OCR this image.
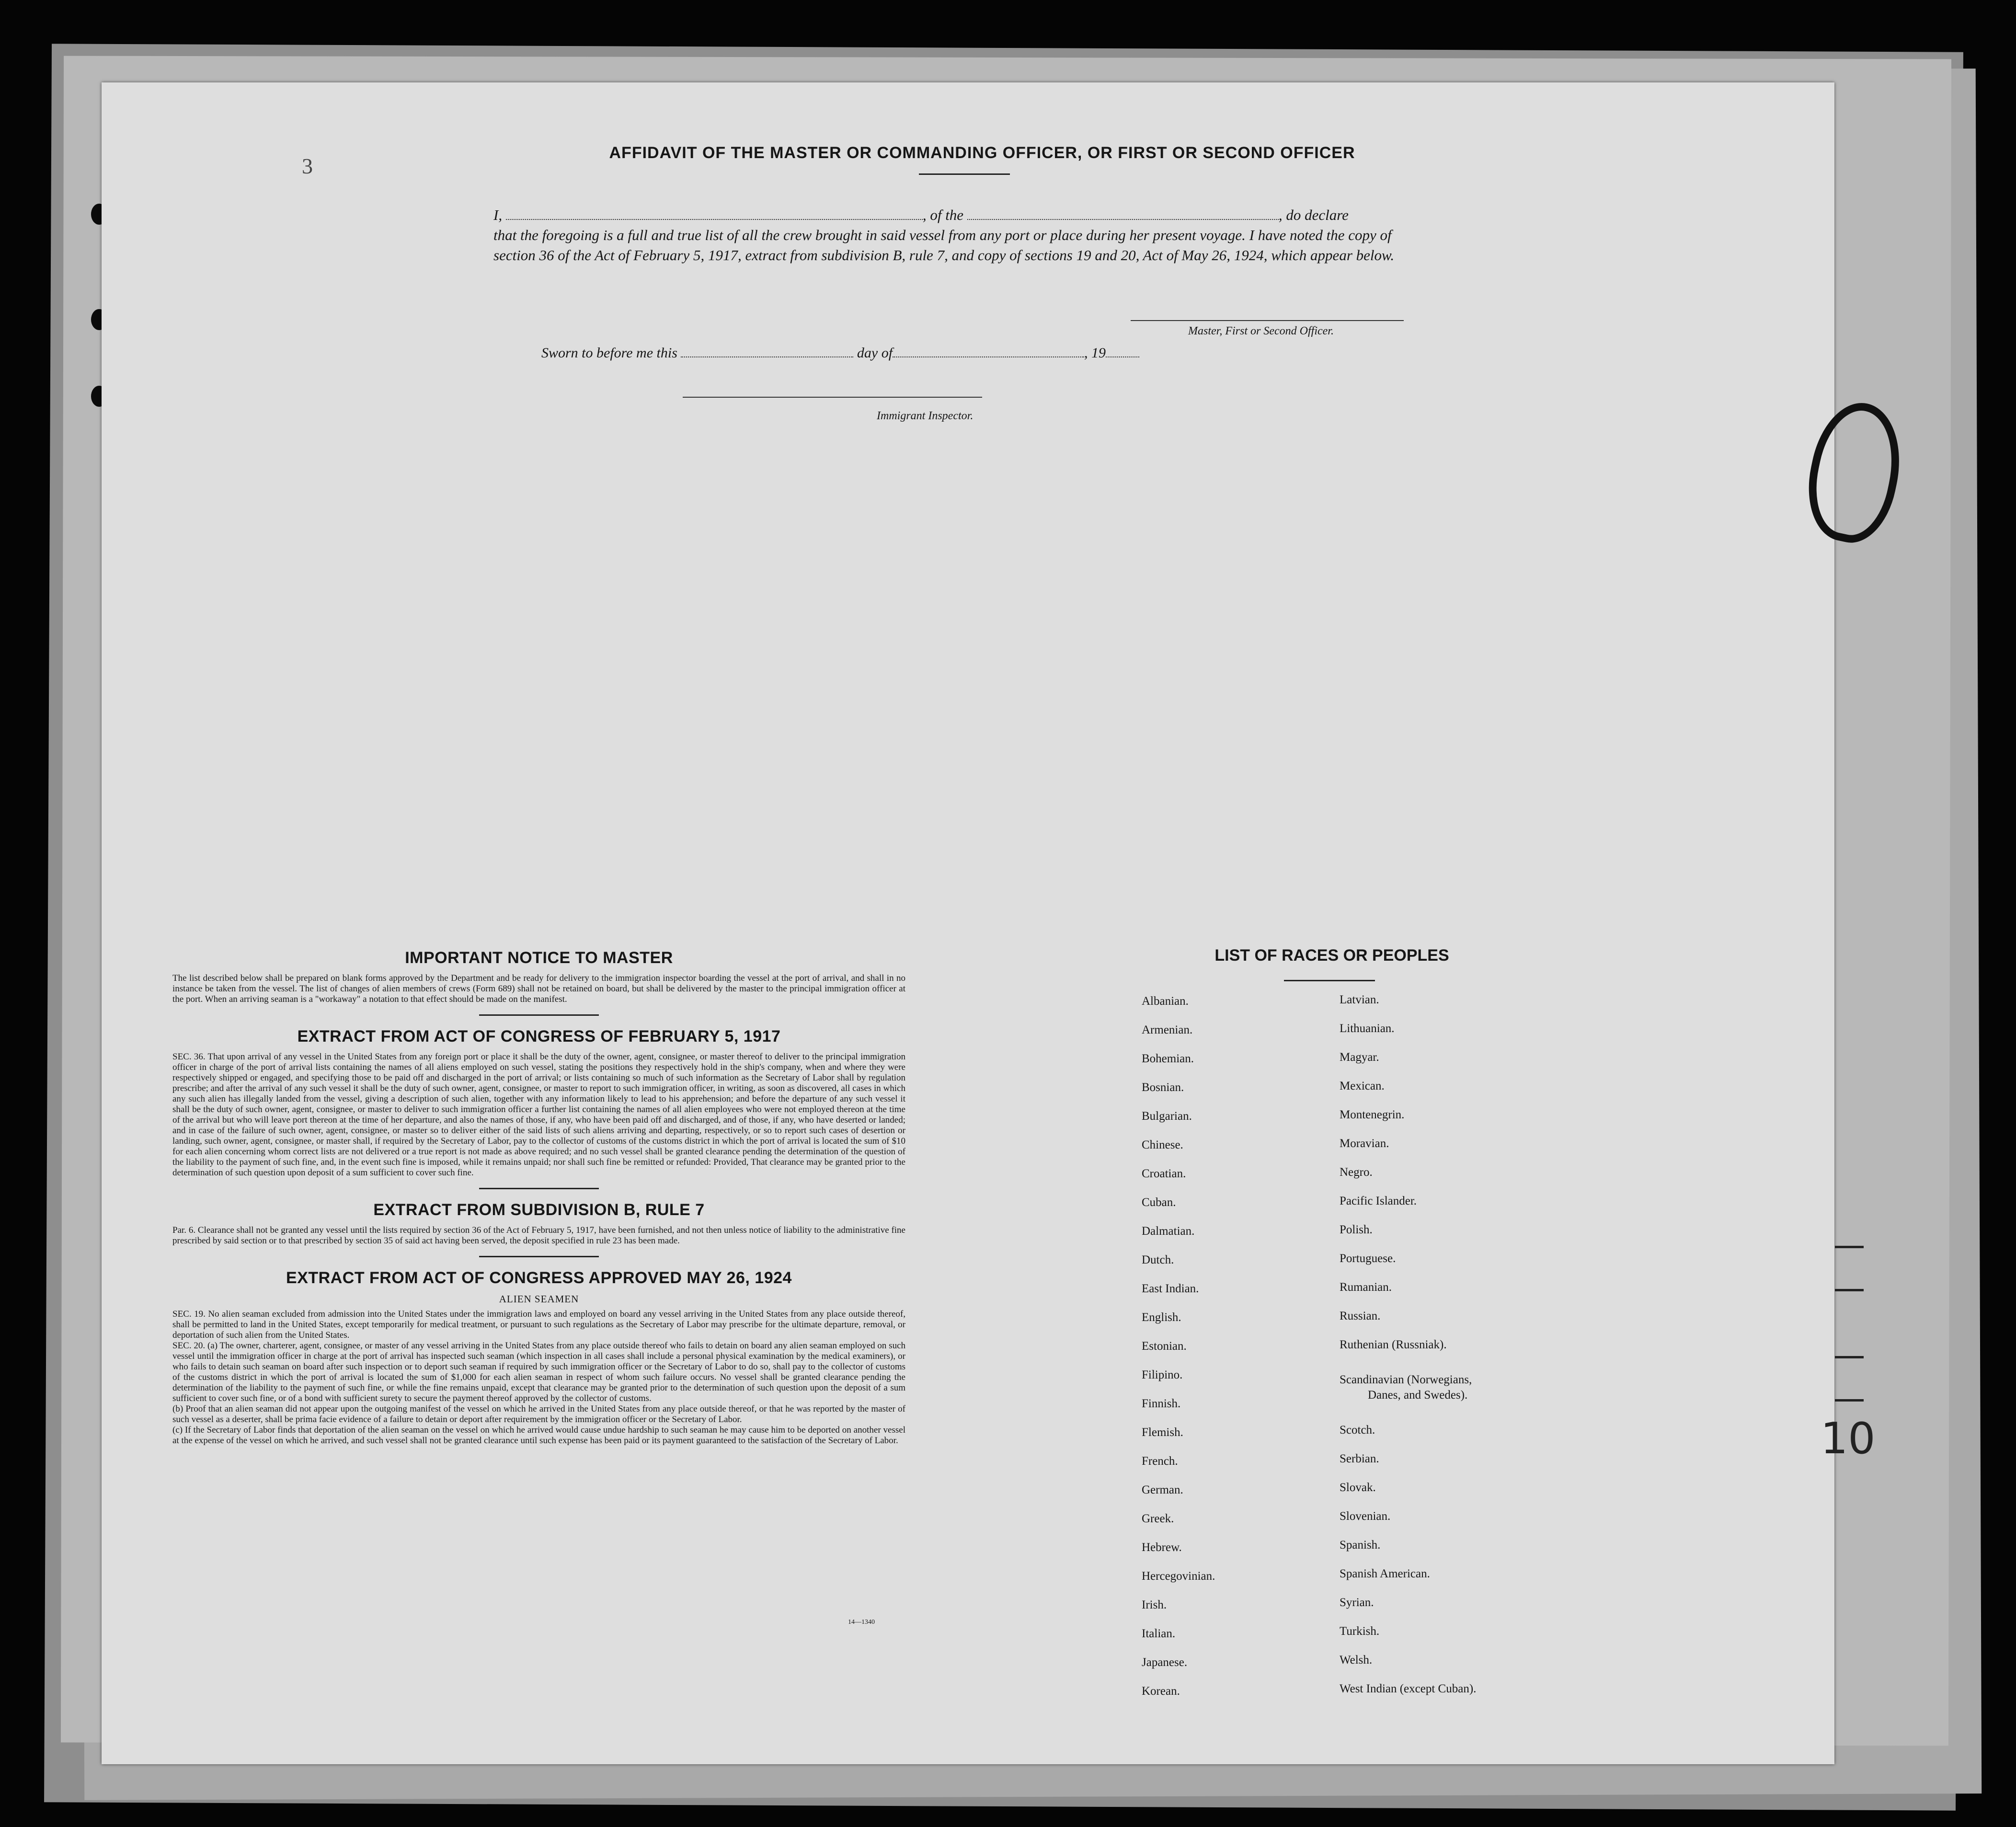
3
10
AFFIDAVIT OF THE MASTER OR COMMANDING OFFICER, OR FIRST OR SECOND OFFICER
I,	, of the	, do declare
that the foregoing is a full and true list of all the crew brought in said vessel from any port or place during her present voyage. I have noted the copy of section 36 of the Act of February 5, 1917, extract from subdivision B, rule 7, and copy of sections 19 and 20, Act of May 26, 1924, which appear below.
Master, First or Second Officer.
Sworn to before me this	day of	, 19
Immigrant Inspector.
IMPORTANT NOTICE TO MASTER

The list described below shall be prepared on blank forms approved by the Department and be ready for delivery to the immigration inspector boarding the vessel at the port of arrival, and shall in no instance be taken from the vessel. The list of changes of alien members of crews (Form 689) shall not be retained on board, but shall be delivered by the master to the principal immigration officer at the port. When an arriving seaman is a "workaway" a notation to that effect should be made on the manifest.

EXTRACT FROM ACT OF CONGRESS OF FEBRUARY 5, 1917

SEC. 36. That upon arrival of any vessel in the United States from any foreign port or place it shall be the duty of the owner, agent, consignee, or master thereof to deliver to the principal immigration officer in charge of the port of arrival lists containing the names of all aliens employed on such vessel, stating the positions they respectively hold in the ship's company, when and where they were respectively shipped or engaged, and specifying those to be paid off and discharged in the port of arrival; or lists containing so much of such information as the Secretary of Labor shall by regulation prescribe; and after the arrival of any such vessel it shall be the duty of such owner, agent, consignee, or master to report to such immigration officer, in writing, as soon as discovered, all cases in which any such alien has illegally landed from the vessel, giving a description of such alien, together with any information likely to lead to his apprehension; and before the departure of any such vessel it shall be the duty of such owner, agent, consignee, or master to deliver to such immigration officer a further list containing the names of all alien employees who were not employed thereon at the time of the arrival but who will leave port thereon at the time of her departure, and also the names of those, if any, who have been paid off and discharged, and of those, if any, who have deserted or landed; and in case of the failure of such owner, agent, consignee, or master so to deliver either of the said lists of such aliens arriving and departing, respectively, or so to report such cases of desertion or landing, such owner, agent, consignee, or master shall, if required by the Secretary of Labor, pay to the collector of customs of the customs district in which the port of arrival is located the sum of $10 for each alien concerning whom correct lists are not delivered or a true report is not made as above required; and no such vessel shall be granted clearance pending the determination of the question of the liability to the payment of such fine, and, in the event such fine is imposed, while it remains unpaid; nor shall such fine be remitted or refunded: Provided, That clearance may be granted prior to the determination of such question upon deposit of a sum sufficient to cover such fine.

EXTRACT FROM SUBDIVISION B, RULE 7

Par. 6. Clearance shall not be granted any vessel until the lists required by section 36 of the Act of February 5, 1917, have been furnished, and not then unless notice of liability to the administrative fine prescribed by said section or to that prescribed by section 35 of said act having been served, the deposit specified in rule 23 has been made.

EXTRACT FROM ACT OF CONGRESS APPROVED MAY 26, 1924
ALIEN SEAMEN

SEC. 19. No alien seaman excluded from admission into the United States under the immigration laws and employed on board any vessel arriving in the United States from any place outside thereof, shall be permitted to land in the United States, except temporarily for medical treatment, or pursuant to such regulations as the Secretary of Labor may prescribe for the ultimate departure, removal, or deportation of such alien from the United States.

SEC. 20. (a) The owner, charterer, agent, consignee, or master of any vessel arriving in the United States from any place outside thereof who fails to detain on board any alien seaman employed on such vessel until the immigration officer in charge at the port of arrival has inspected such seaman (which inspection in all cases shall include a personal physical examination by the medical examiners), or who fails to detain such seaman on board after such inspection or to deport such seaman if required by such immigration officer or the Secretary of Labor to do so, shall pay to the collector of customs of the customs district in which the port of arrival is located the sum of $1,000 for each alien seaman in respect of whom such failure occurs. No vessel shall be granted clearance pending the determination of the liability to the payment of such fine, or while the fine remains unpaid, except that clearance may be granted prior to the determination of such question upon the deposit of a sum sufficient to cover such fine, or of a bond with sufficient surety to secure the payment thereof approved by the collector of customs.

(b) Proof that an alien seaman did not appear upon the outgoing manifest of the vessel on which he arrived in the United States from any place outside thereof, or that he was reported by the master of such vessel as a deserter, shall be prima facie evidence of a failure to detain or deport after requirement by the immigration officer or the Secretary of Labor.

(c) If the Secretary of Labor finds that deportation of the alien seaman on the vessel on which he arrived would cause undue hardship to such seaman he may cause him to be deported on another vessel at the expense of the vessel on which he arrived, and such vessel shall not be granted clearance until such expense has been paid or its payment guaranteed to the satisfaction of the Secretary of Labor.

14—1340
LIST OF RACES OR PEOPLES
Albanian.
Armenian.
Bohemian.
Bosnian.
Bulgarian.
Chinese.
Croatian.
Cuban.
Dalmatian.
Dutch.
East Indian.
English.
Estonian.
Filipino.
Finnish.
Flemish.
French.
German.
Greek.
Hebrew.
Hercegovinian.
Irish.
Italian.
Japanese.
Korean.
Latvian.
Lithuanian.
Magyar.
Mexican.
Montenegrin.
Moravian.
Negro.
Pacific Islander.
Polish.
Portuguese.
Rumanian.
Russian.
Ruthenian (Russniak).
Scandinavian (Norwegians,
Danes, and Swedes).
Scotch.
Serbian.
Slovak.
Slovenian.
Spanish.
Spanish American.
Syrian.
Turkish.
Welsh.
West Indian (except Cuban).
